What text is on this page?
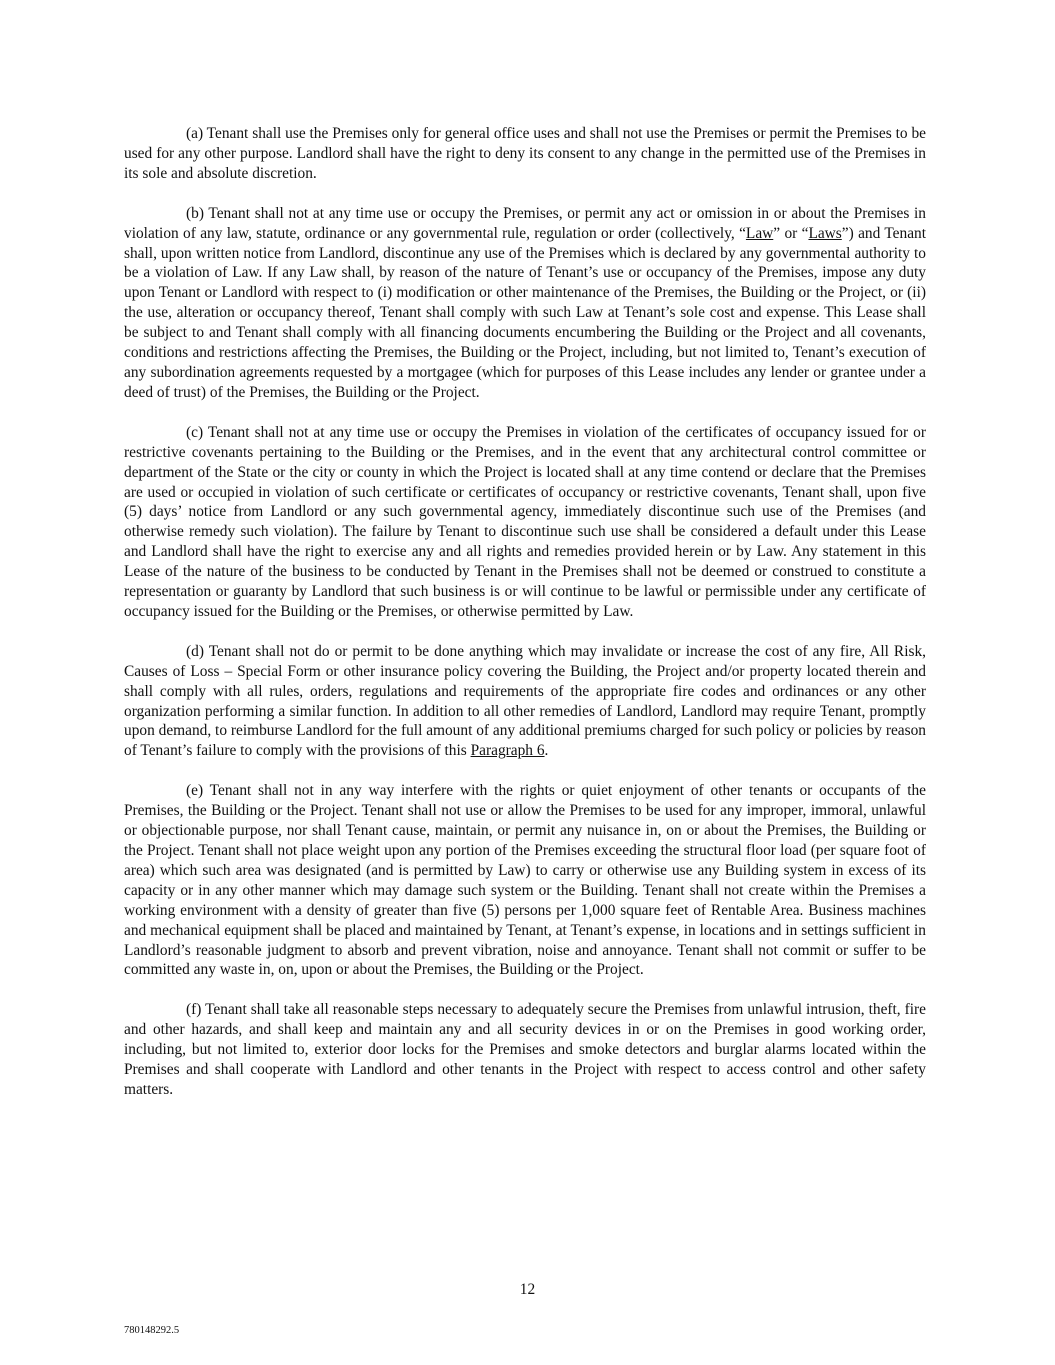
(a) Tenant shall use the Premises only for general office uses and shall not use the Premises or permit the Premises to be used for any other purpose. Landlord shall have the right to deny its consent to any change in the permitted use of the Premises in its sole and absolute discretion.

(b) Tenant shall not at any time use or occupy the Premises, or permit any act or omission in or about the Premises in violation of any law, statute, ordinance or any governmental rule, regulation or order (collectively, “Law” or “Laws”) and Tenant shall, upon written notice from Landlord, discontinue any use of the Premises which is declared by any governmental authority to be a violation of Law. If any Law shall, by reason of the nature of Tenant’s use or occupancy of the Premises, impose any duty upon Tenant or Landlord with respect to (i) modification or other maintenance of the Premises, the Building or the Project, or (ii) the use, alteration or occupancy thereof, Tenant shall comply with such Law at Tenant’s sole cost and expense. This Lease shall be subject to and Tenant shall comply with all financing documents encumbering the Building or the Project and all covenants, conditions and restrictions affecting the Premises, the Building or the Project, including, but not limited to, Tenant’s execution of any subordination agreements requested by a mortgagee (which for purposes of this Lease includes any lender or grantee under a deed of trust) of the Premises, the Building or the Project.

(c) Tenant shall not at any time use or occupy the Premises in violation of the certificates of occupancy issued for or restrictive covenants pertaining to the Building or the Premises, and in the event that any architectural control committee or department of the State or the city or county in which the Project is located shall at any time contend or declare that the Premises are used or occupied in violation of such certificate or certificates of occupancy or restrictive covenants, Tenant shall, upon five (5) days’ notice from Landlord or any such governmental agency, immediately discontinue such use of the Premises (and otherwise remedy such violation). The failure by Tenant to discontinue such use shall be considered a default under this Lease and Landlord shall have the right to exercise any and all rights and remedies provided herein or by Law. Any statement in this Lease of the nature of the business to be conducted by Tenant in the Premises shall not be deemed or construed to constitute a representation or guaranty by Landlord that such business is or will continue to be lawful or permissible under any certificate of occupancy issued for the Building or the Premises, or otherwise permitted by Law.

(d) Tenant shall not do or permit to be done anything which may invalidate or increase the cost of any fire, All Risk, Causes of Loss – Special Form or other insurance policy covering the Building, the Project and/or property located therein and shall comply with all rules, orders, regulations and requirements of the appropriate fire codes and ordinances or any other organization performing a similar function. In addition to all other remedies of Landlord, Landlord may require Tenant, promptly upon demand, to reimburse Landlord for the full amount of any additional premiums charged for such policy or policies by reason of Tenant’s failure to comply with the provisions of this Paragraph 6.

(e) Tenant shall not in any way interfere with the rights or quiet enjoyment of other tenants or occupants of the Premises, the Building or the Project. Tenant shall not use or allow the Premises to be used for any improper, immoral, unlawful or objectionable purpose, nor shall Tenant cause, maintain, or permit any nuisance in, on or about the Premises, the Building or the Project. Tenant shall not place weight upon any portion of the Premises exceeding the structural floor load (per square foot of area) which such area was designated (and is permitted by Law) to carry or otherwise use any Building system in excess of its capacity or in any other manner which may damage such system or the Building. Tenant shall not create within the Premises a working environment with a density of greater than five (5) persons per 1,000 square feet of Rentable Area. Business machines and mechanical equipment shall be placed and maintained by Tenant, at Tenant’s expense, in locations and in settings sufficient in Landlord’s reasonable judgment to absorb and prevent vibration, noise and annoyance. Tenant shall not commit or suffer to be committed any waste in, on, upon or about the Premises, the Building or the Project.

(f) Tenant shall take all reasonable steps necessary to adequately secure the Premises from unlawful intrusion, theft, fire and other hazards, and shall keep and maintain any and all security devices in or on the Premises in good working order, including, but not limited to, exterior door locks for the Premises and smoke detectors and burglar alarms located within the Premises and shall cooperate with Landlord and other tenants in the Project with respect to access control and other safety matters.

12
780148292.5
